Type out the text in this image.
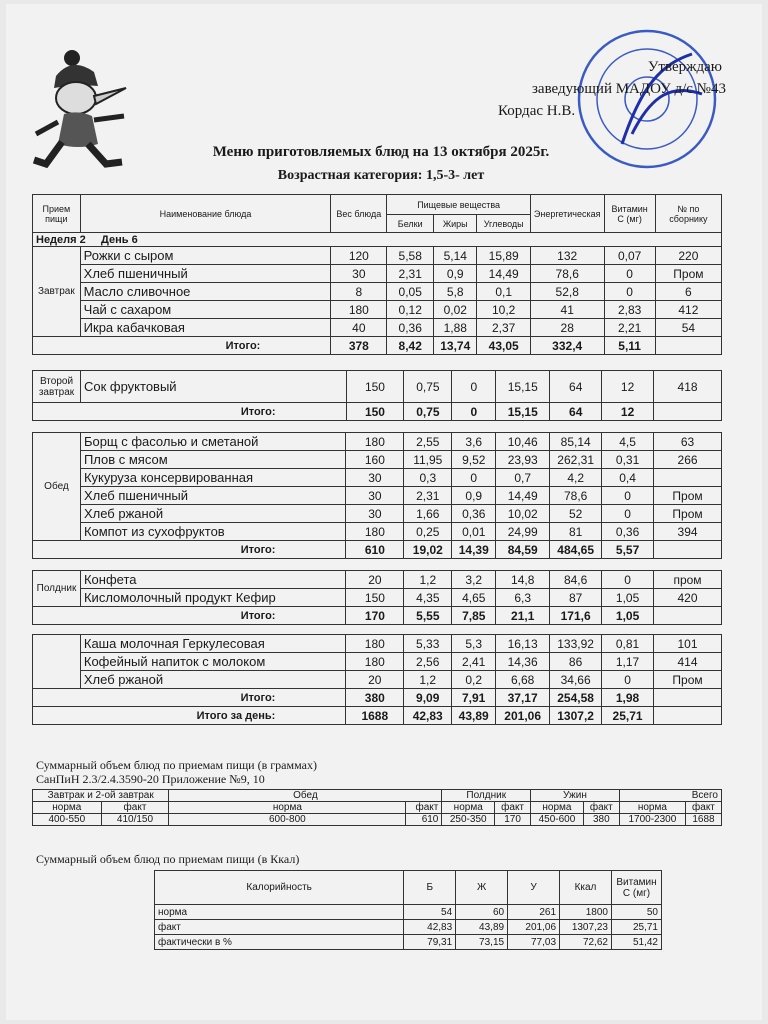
Утверждаю
заведующий МАДОУ д/с №43
Кордас Н.В.
Меню приготовляемых блюд на 13 октября 2025г.
Возрастная категория: 1,5-3- лет
Прием пищи	Наименование блюда	Вес блюда	Пищевые вещества			Энергетическая	Витамин С (мг)	№ по сборнику
			Белки	Жиры	Углеводы			
Неделя 2 День 6								
Завтрак	Рожки с сыром	120	5,58	5,14	15,89	132	0,07	220
	Хлеб пшеничный	30	2,31	0,9	14,49	78,6	0	Пром
	Масло сливочное	8	0,05	5,8	0,1	52,8	0	6
	Чай с сахаром	180	0,12	0,02	10,2	41	2,83	412
	Икра кабачковая	40	0,36	1,88	2,37	28	2,21	54
Итого:		378	8,42	13,74	43,05	332,4	5,11	
Второй завтрак	Сок фруктовый	150	0,75	0	15,15	64	12	418
Итого:		150	0,75	0	15,15	64	12	
Обед	Борщ с фасолью и сметаной	180	2,55	3,6	10,46	85,14	4,5	63
	Плов с мясом	160	11,95	9,52	23,93	262,31	0,31	266
	Кукуруза консервированная	30	0,3	0	0,7	4,2	0,4	
	Хлеб пшеничный	30	2,31	0,9	14,49	78,6	0	Пром
	Хлеб ржаной	30	1,66	0,36	10,02	52	0	Пром
	Компот из сухофруктов	180	0,25	0,01	24,99	81	0,36	394
Итого:		610	19,02	14,39	84,59	484,65	5,57	
Полдник	Конфета	20	1,2	3,2	14,8	84,6	0	пром
	Кисломолочный продукт Кефир	150	4,35	4,65	6,3	87	1,05	420
Итого:		170	5,55	7,85	21,1	171,6	1,05	
	Каша молочная Геркулесовая	180	5,33	5,3	16,13	133,92	0,81	101
	Кофейный напиток с молоком	180	2,56	2,41	14,36	86	1,17	414
	Хлеб ржаной	20	1,2	0,2	6,68	34,66	0	Пром
Итого:		380	9,09	7,91	37,17	254,58	1,98	
Итого за день:		1688	42,83	43,89	201,06	1307,2	25,71	
Суммарный объем блюд по приемам пищи (в граммах)
СанПиН 2.3/2.4.3590-20 Приложение №9, 10
Завтрак и 2-ой завтрак		Обед		Полдник		Ужин		Всего	
норма	факт	норма	факт	норма	факт	норма	факт	норма	факт
400-550	410/150	600-800	610	250-350	170	450-600	380	1700-2300	1688
Суммарный объем блюд по приемам пищи (в Ккал)
Калорийность	Б	Ж	У	Ккал	Витамин С (мг)
норма	54	60	261	1800	50
факт	42,83	43,89	201,06	1307,23	25,71
фактически в %	79,31	73,15	77,03	72,62	51,42
